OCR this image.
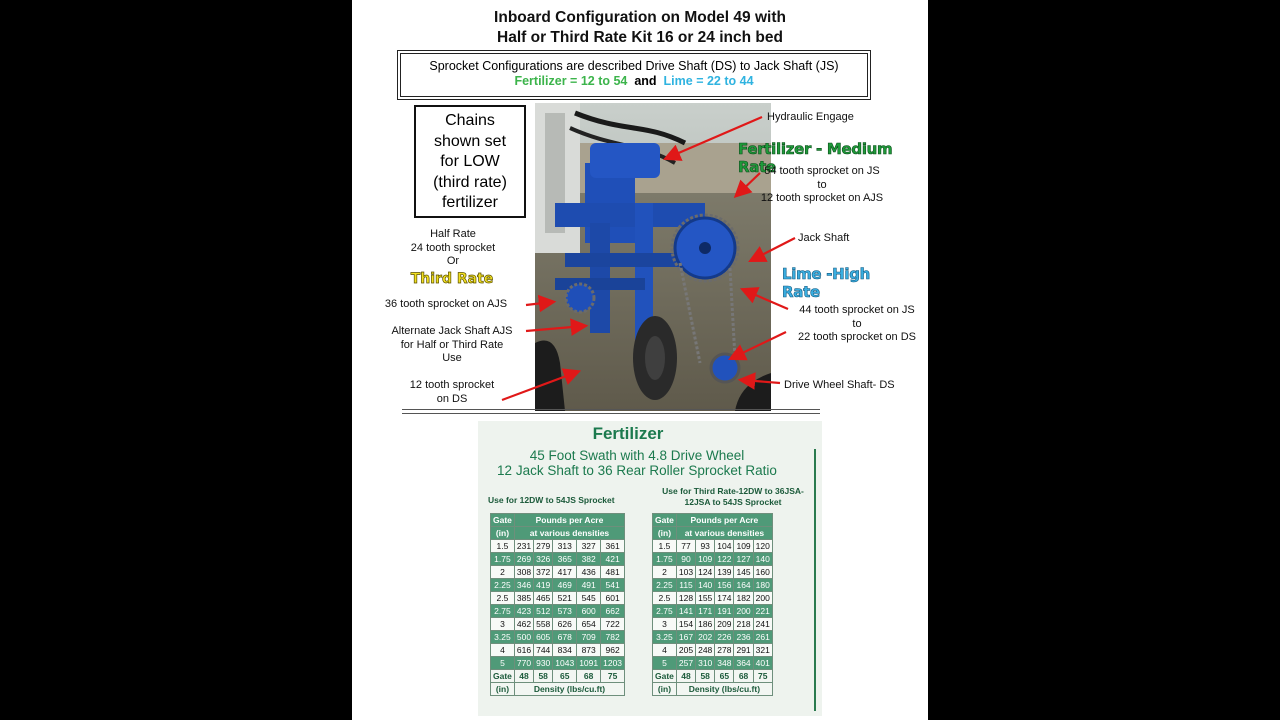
Inboard Configuration on Model 49 with
Half or Third Rate Kit 16 or 24 inch bed
Sprocket Configurations are described Drive Shaft (DS) to Jack Shaft (JS)
Fertilizer = 12 to 54 and Lime = 22 to 44
Chains
shown set
for LOW
(third rate)
fertilizer
Hydraulic Engage
Fertilizer - Medium Rate
54 tooth sprocket on JS
to
12 tooth sprocket on AJS
Jack Shaft
Lime -High Rate
44 tooth sprocket on JS
to
22 tooth sprocket on DS
Drive Wheel Shaft- DS
Half Rate
24 tooth sprocket
Or
Third Rate
36 tooth sprocket on AJS
Alternate Jack Shaft AJS
for Half or Third Rate
Use
12 tooth sprocket
on DS
Fertilizer
45 Foot Swath with 4.8 Drive Wheel
12 Jack Shaft to 36 Rear Roller Sprocket Ratio
Use for 12DW to 54JS Sprocket
Use for Third Rate-12DW to 36JSA-
12JSA to 54JS Sprocket
Gate	Pounds per Acre				
(in)	at various densities				
1.5	231	279	313	327	361
1.75	269	326	365	382	421
2	308	372	417	436	481
2.25	346	419	469	491	541
2.5	385	465	521	545	601
2.75	423	512	573	600	662
3	462	558	626	654	722
3.25	500	605	678	709	782
4	616	744	834	873	962
5	770	930	1043	1091	1203
Gate	48	58	65	68	75
(in)	Density (lbs/cu.ft)				
Gate	Pounds per Acre				
(in)	at various densities				
1.5	77	93	104	109	120
1.75	90	109	122	127	140
2	103	124	139	145	160
2.25	115	140	156	164	180
2.5	128	155	174	182	200
2.75	141	171	191	200	221
3	154	186	209	218	241
3.25	167	202	226	236	261
4	205	248	278	291	321
5	257	310	348	364	401
Gate	48	58	65	68	75
(in)	Density (lbs/cu.ft)				
